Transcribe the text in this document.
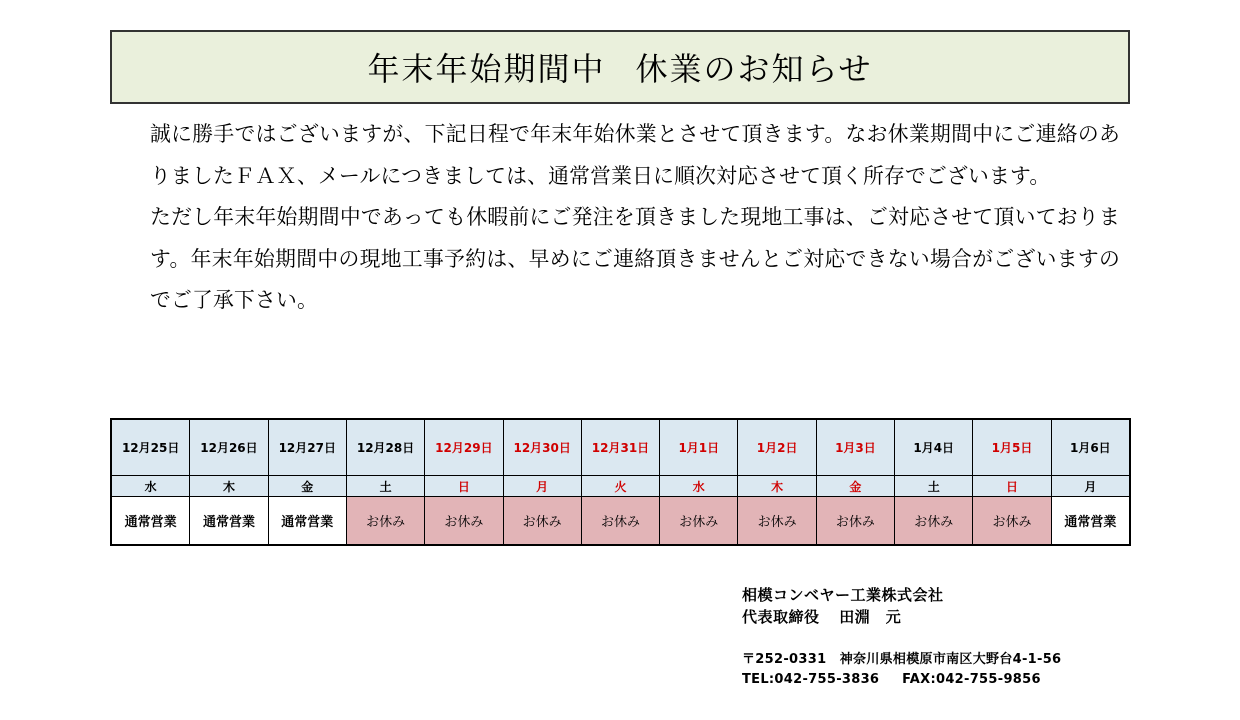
年末年始期間中 休業のお知らせ

誠に勝手ではございますが、下記日程で年末年始休業とさせて頂きます。なお休業期間中にご連絡のありましたＦＡＸ、メールにつきましては、通常営業日に順次対応させて頂く所存でございます。

ただし年末年始期間中であっても休暇前にご発注を頂きました現地工事は、ご対応させて頂いております。年末年始期間中の現地工事予約は、早めにご連絡頂きませんとご対応できない場合がございますのでご了承下さい。

12月25日	12月26日	12月27日	12月28日	12月29日	12月30日	12月31日	1月1日	1月2日	1月3日	1月4日	1月5日	1月6日
水	木	金	土	日	月	火	水	木	金	土	日	月
通常営業	通常営業	通常営業	お休み	お休み	お休み	お休み	お休み	お休み	お休み	お休み	お休み	通常営業
相模コンベヤー工業株式会社
代表取締役 田淵　元
〒252-0331　神奈川県相模原市南区大野台4-1-56
TEL:042-755-3836 FAX:042-755-9856
